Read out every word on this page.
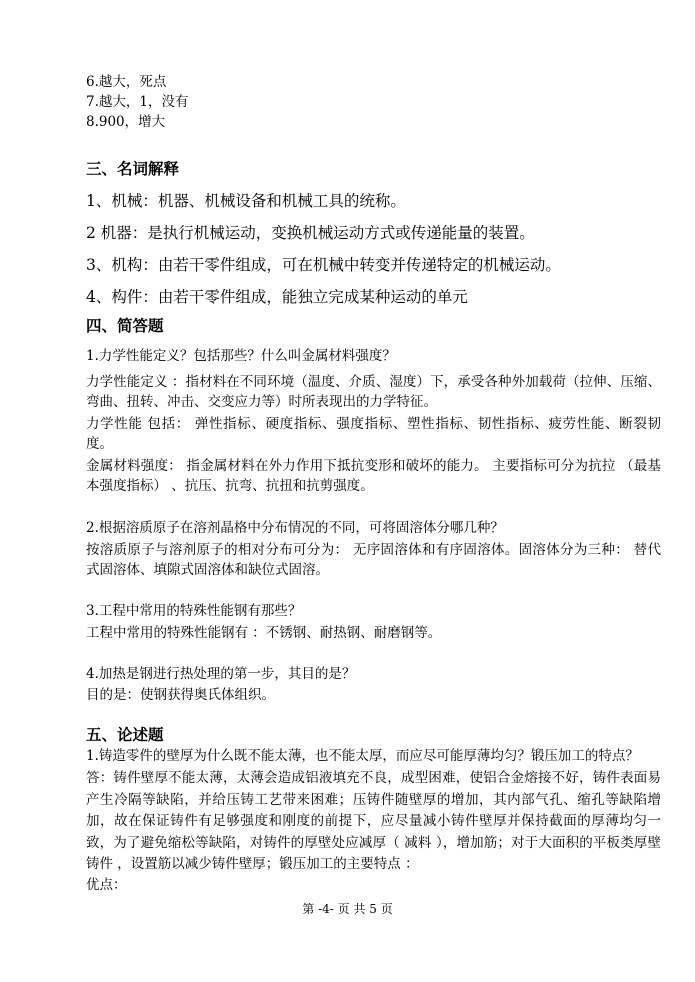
6.越大，死点
7.越大，1，没有
8.900，增大
三、名词解释
1、机械：机器、机械设备和机械工具的统称。
2 机器：是执行机械运动，变换机械运动方式或传递能量的装置。
3、机构：由若干零件组成，可在机械中转变并传递特定的机械运动。
4、构件：由若干零件组成，能独立完成某种运动的单元
四、简答题
1.力学性能定义？包括那些？什么叫金属材料强度？
力学性能定义 ：指材料在不同环境（温度、介质、湿度）下，承受各种外加载荷（拉伸、压缩、弯曲、扭转、冲击、交变应力等）时所表现出的力学特征。
力学性能 包括： 弹性指标、硬度指标、强度指标、塑性指标、韧性指标、疲劳性能、断裂韧度。
金属材料强度： 指金属材料在外力作用下抵抗变形和破坏的能力。 主要指标可分为抗拉 （最基本强度指标） 、抗压、抗弯、抗扭和抗剪强度。
2.根据溶质原子在溶剂晶格中分布情况的不同，可将固溶体分哪几种？
按溶质原子与溶剂原子的相对分布可分为： 无序固溶体和有序固溶体。固溶体分为三种： 替代式固溶体、填隙式固溶体和缺位式固溶。
3.工程中常用的特殊性能钢有那些？
工程中常用的特殊性能钢有 ：不锈钢、耐热钢、耐磨钢等。
4.加热是钢进行热处理的第一步，其目的是？
目的是：使钢获得奥氏体组织。
五、论述题
1.铸造零件的壁厚为什么既不能太薄，也不能太厚，而应尽可能厚薄均匀？锻压加工的特点？
答：铸件壁厚不能太薄，太薄会造成铝液填充不良，成型困难，使铝合金熔接不好，铸件表面易产生冷隔等缺陷，并给压铸工艺带来困难；压铸件随壁厚的增加，其内部气孔、缩孔等缺陷增加，故在保证铸件有足够强度和刚度的前提下，应尽量减小铸件壁厚并保持截面的厚薄均匀一致，为了避免缩松等缺陷，对铸件的厚壁处应减厚（ 减料 ），增加筋；对于大面积的平板类厚壁铸件 ，设置筋以减少铸件壁厚；锻压加工的主要特点 ：
优点：
第 -4- 页 共 5 页
